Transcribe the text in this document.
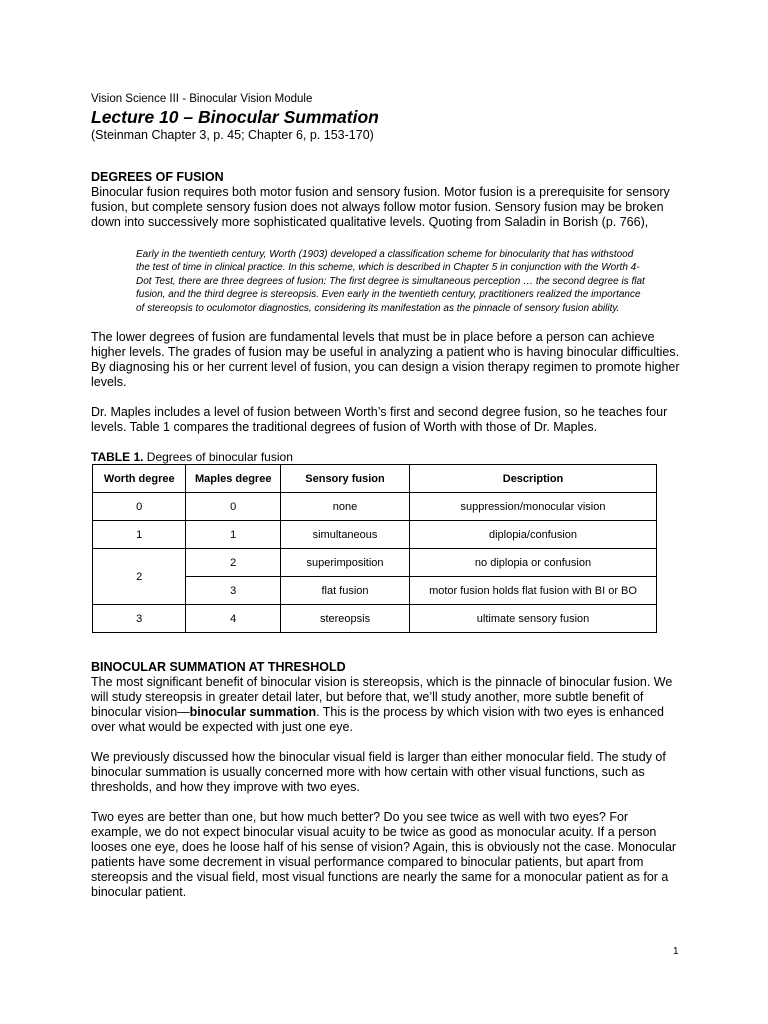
Vision Science III - Binocular Vision Module

Lecture 10 – Binocular Summation

(Steinman Chapter 3, p. 45; Chapter 6, p. 153-170)

DEGREES OF FUSION

Binocular fusion requires both motor fusion and sensory fusion. Motor fusion is a prerequisite for sensory fusion, but complete sensory fusion does not always follow motor fusion. Sensory fusion may be broken down into successively more sophisticated qualitative levels. Quoting from Saladin in Borish (p. 766),

Early in the twentieth century, Worth (1903) developed a classification scheme for binocularity that has withstood the test of time in clinical practice. In this scheme, which is described in Chapter 5 in conjunction with the Worth 4-Dot Test, there are three degrees of fusion: The first degree is simultaneous perception … the second degree is flat fusion, and the third degree is stereopsis. Even early in the twentieth century, practitioners realized the importance of stereopsis to oculomotor diagnostics, considering its manifestation as the pinnacle of sensory fusion ability.

The lower degrees of fusion are fundamental levels that must be in place before a person can achieve higher levels. The grades of fusion may be useful in analyzing a patient who is having binocular difficulties. By diagnosing his or her current level of fusion, you can design a vision therapy regimen to promote higher levels.

Dr. Maples includes a level of fusion between Worth’s first and second degree fusion, so he teaches four levels. Table 1 compares the traditional degrees of fusion of Worth with those of Dr. Maples.

TABLE 1. Degrees of binocular fusion

Worth degree	Maples degree	Sensory fusion	Description
0	0	none	suppression/monocular vision
1	1	simultaneous	diplopia/confusion
2	2	superimposition	no diplopia or confusion
	3	flat fusion	motor fusion holds flat fusion with BI or BO
3	4	stereopsis	ultimate sensory fusion

BINOCULAR SUMMATION AT THRESHOLD

The most significant benefit of binocular vision is stereopsis, which is the pinnacle of binocular fusion. We will study stereopsis in greater detail later, but before that, we’ll study another, more subtle benefit of binocular vision—binocular summation. This is the process by which vision with two eyes is enhanced over what would be expected with just one eye.

We previously discussed how the binocular visual field is larger than either monocular field. The study of binocular summation is usually concerned more with how certain with other visual functions, such as thresholds, and how they improve with two eyes.

Two eyes are better than one, but how much better? Do you see twice as well with two eyes? For example, we do not expect binocular visual acuity to be twice as good as monocular acuity. If a person looses one eye, does he loose half of his sense of vision? Again, this is obviously not the case. Monocular patients have some decrement in visual performance compared to binocular patients, but apart from stereopsis and the visual field, most visual functions are nearly the same for a monocular patient as for a binocular patient.

1
